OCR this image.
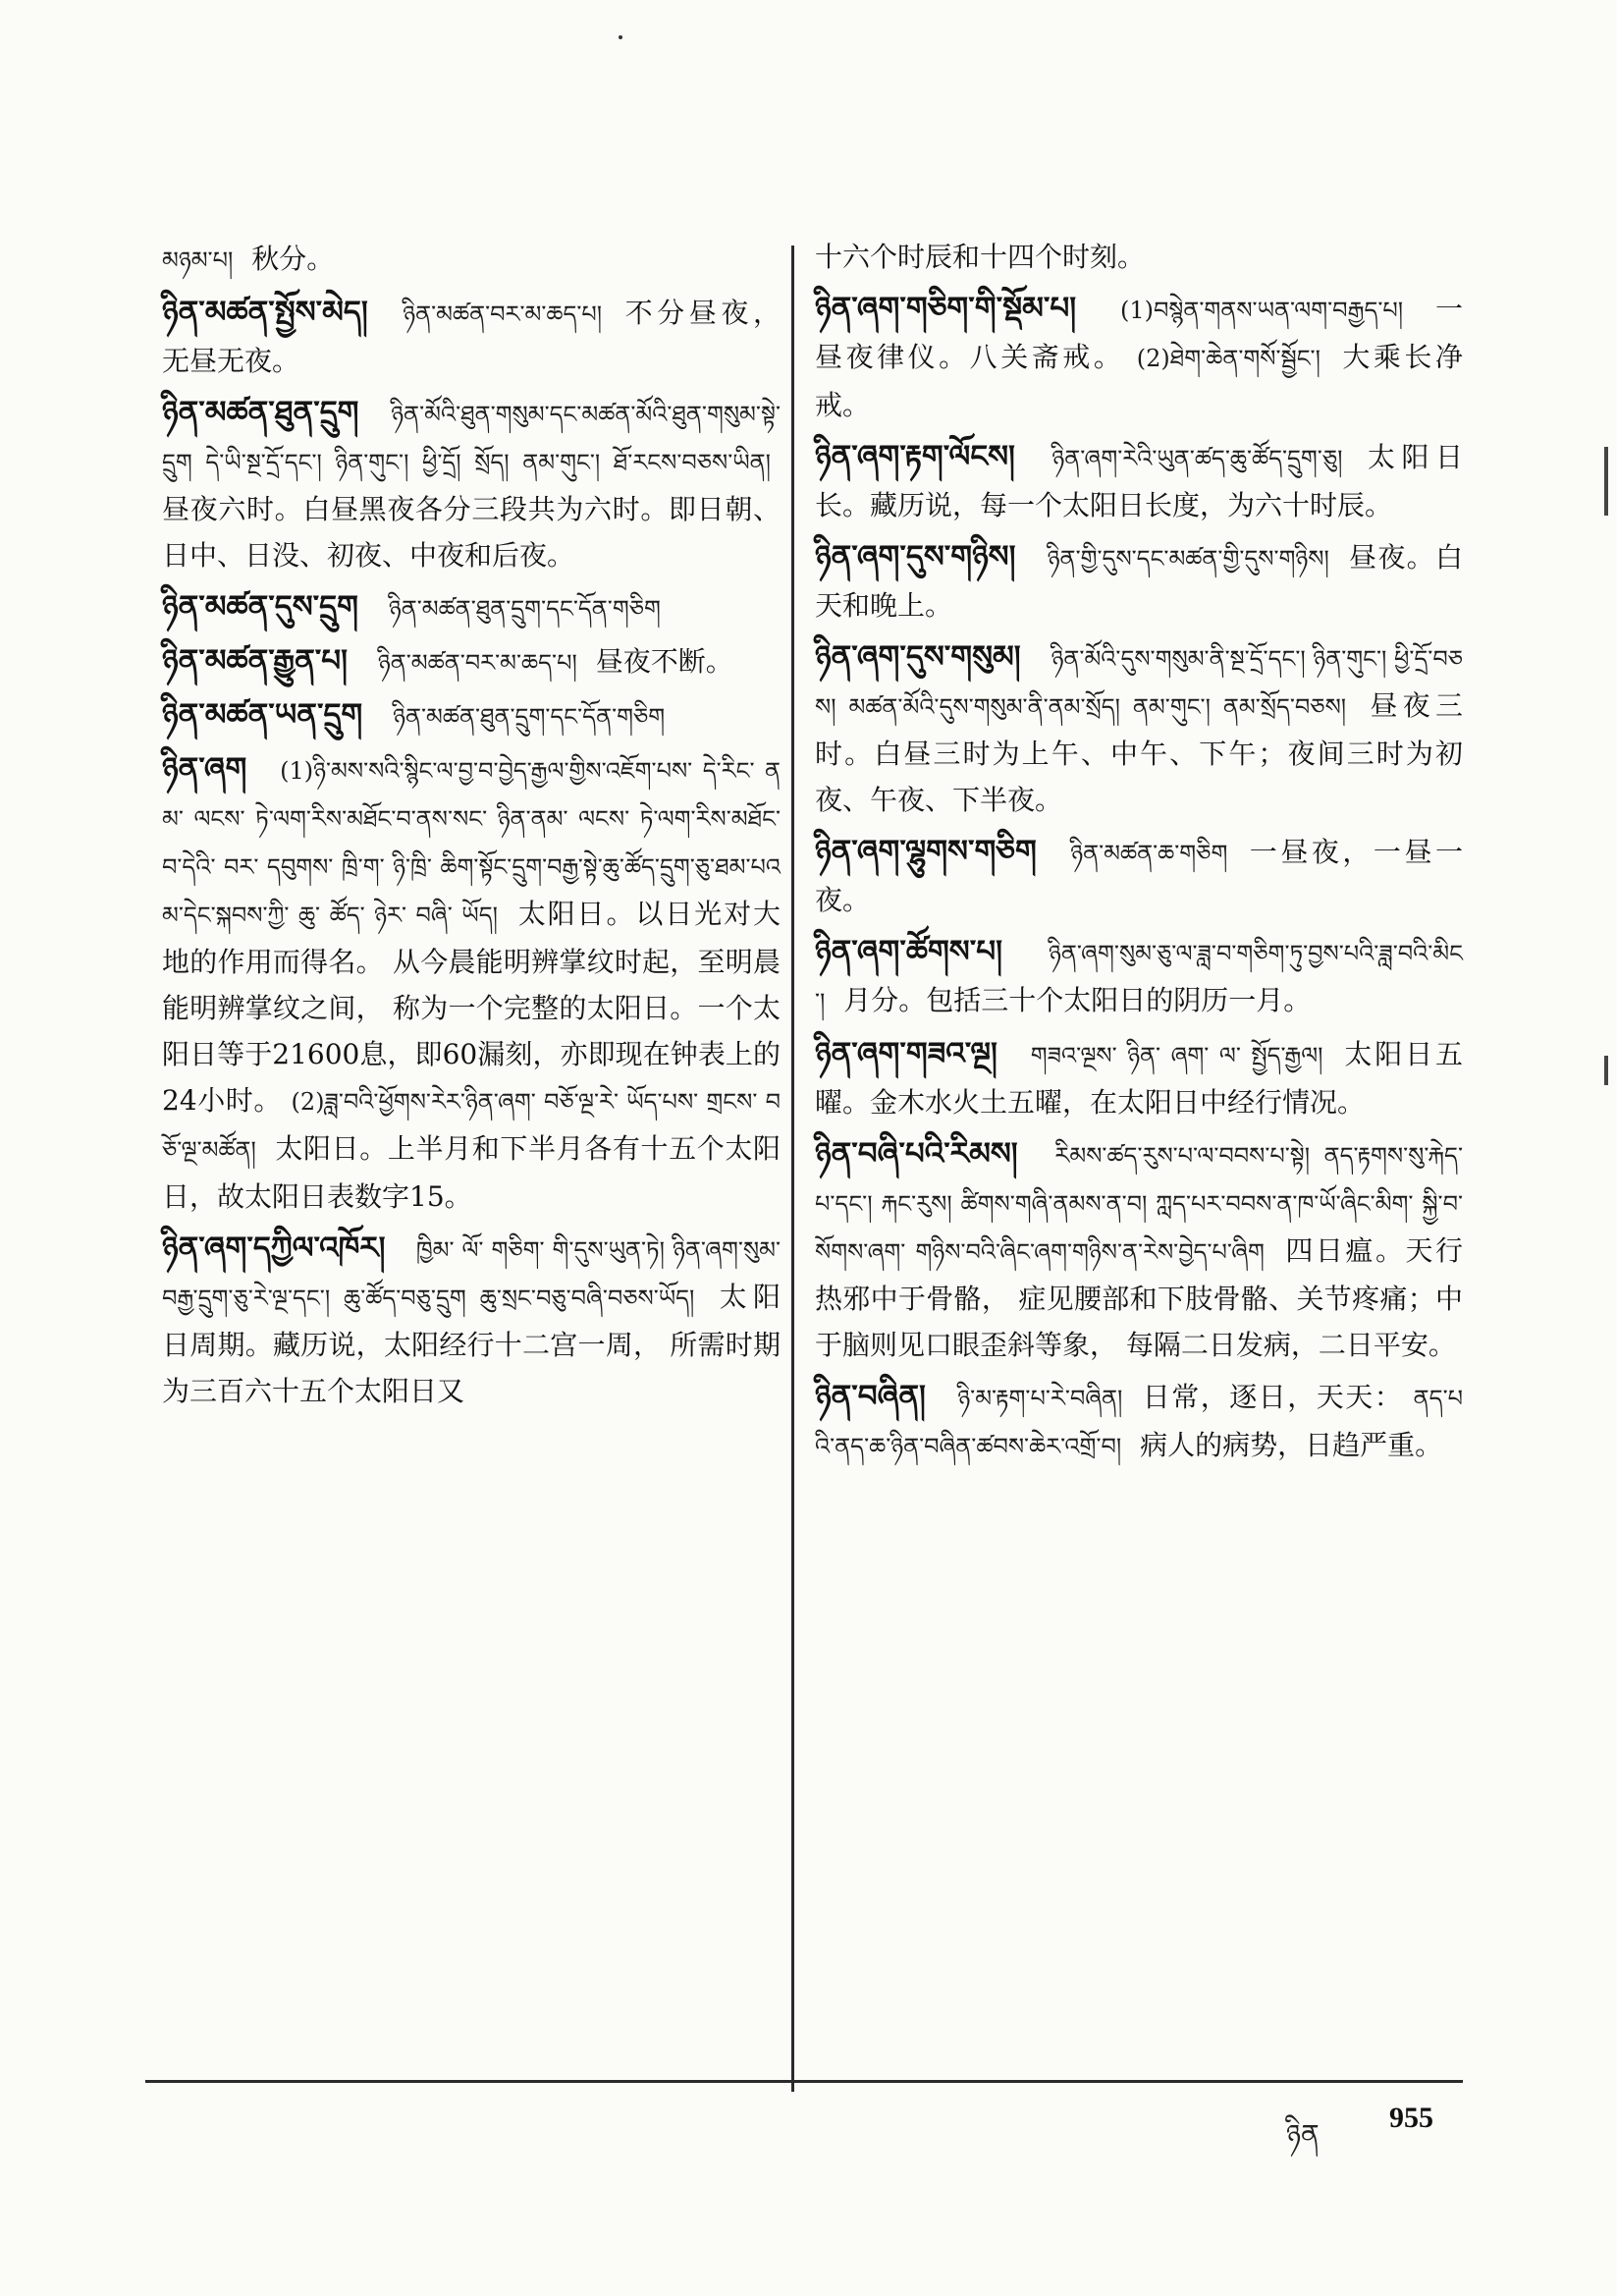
མཉམ་པ། 秋分。
ཉིན་མཚན་སྤྱོས་མེད། ཉིན་མཚན་བར་མ་ཆད་པ། 不分昼夜，无昼无夜。
ཉིན་མཚན་ཐུན་དྲུག ཉིན་མོའི་ཐུན་གསུམ་དང་མཚན་མོའི་ཐུན་གསུམ་སྟེ་དྲུག དེ་ཡི་སྔ་དྲོ་དང་། ཉིན་གུང་། ཕྱི་དྲོ། སྲོད། ནམ་གུང་། ཐོ་རངས་བཅས་ཡིན། 昼夜六时。白昼黑夜各分三段共为六时。即日朝、日中、日没、初夜、中夜和后夜。
ཉིན་མཚན་དུས་དྲུག ཉིན་མཚན་ཐུན་དྲུག་དང་དོན་གཅིག
ཉིན་མཚན་རྒྱུན་པ། ཉིན་མཚན་བར་མ་ཆད་པ། 昼夜不断。
ཉིན་མཚན་ཡན་དྲུག ཉིན་མཚན་ཐུན་དྲུག་དང་དོན་གཅིག
ཉིན་ཞག (1)ཉི་མས་སའི་སྙིང་ལ་བྱ་བ་བྱེད་རྒྱལ་གྱིས་འཇོག་པས་ དེ་རིང་ ནམ་ ལངས་ ཏེ་ལག་རིས་མཐོང་བ་ནས་སང་ ཉིན་ནམ་ ལངས་ ཏེ་ལག་རིས་མཐོང་ བ་དེའི་ བར་ དབུགས་ ཁྲི་ག་ ཉི་ཁྲི་ ཆིག་སྟོང་དྲུག་བརྒྱ་སྟེ་ཆུ་ཚོད་དྲུག་ཅུ་ཐམ་པའམ་དེང་སྐབས་ཀྱི་ ཆུ་ ཚོད་ ཉེར་ བཞི་ ཡོད། 太阳日。以日光对大地的作用而得名。 从今晨能明辨掌纹时起，至明晨能明辨掌纹之间， 称为一个完整的太阳日。一个太阳日等于21600息，即60漏刻，亦即现在钟表上的24小时。 (2)ཟླ་བའི་ཕྱོགས་རེར་ཉིན་ཞག་ བཅོ་ལྔ་རེ་ ཡོད་པས་ གྲངས་ བཅོ་ལྔ་མཚོན། 太阳日。上半月和下半月各有十五个太阳日，故太阳日表数字15。
ཉིན་ཞག་དཀྱིལ་འཁོར། ཁྱིམ་ ལོ་ གཅིག་ གི་དུས་ཡུན་ཏེ། ཉིན་ཞག་སུམ་བརྒྱ་དྲུག་ཅུ་རེ་ལྔ་དང་། ཆུ་ཚོད་བཅུ་དྲུག ཆུ་སྲང་བཅུ་བཞི་བཅས་ཡོད། 太阳日周期。藏历说，太阳经行十二宫一周， 所需时期为三百六十五个太阳日又
十六个时辰和十四个时刻。
ཉིན་ཞག་གཅིག་གི་སྡོམ་པ། (1)བསྙེན་གནས་ཡན་ལག་བརྒྱད་པ། 一昼夜律仪。八关斋戒。 (2)ཐེག་ཆེན་གསོ་སྦྱོང་། 大乘长净戒。
ཉིན་ཞག་རྟག་ལོངས། ཉིན་ཞག་རེའི་ཡུན་ཚད་ཆུ་ཚོད་དྲུག་ཅུ། 太阳日长。藏历说，每一个太阳日长度，为六十时辰。
ཉིན་ཞག་དུས་གཉིས། ཉིན་གྱི་དུས་དང་མཚན་གྱི་དུས་གཉིས། 昼夜。白天和晚上。
ཉིན་ཞག་དུས་གསུམ། ཉིན་མོའི་དུས་གསུམ་ནི་སྔ་དྲོ་དང་། ཉིན་གུང་། ཕྱི་དྲོ་བཅས། མཚན་མོའི་དུས་གསུམ་ནི་ནམ་སྲོད། ནམ་གུང་། ནམ་སྲོད་བཅས། 昼夜三时。白昼三时为上午、中午、下午；夜间三时为初夜、午夜、下半夜。
ཉིན་ཞག་ལྷུགས་གཅིག ཉིན་མཚན་ཆ་གཅིག 一昼夜，一昼一夜。
ཉིན་ཞག་ཚོགས་པ། ཉིན་ཞག་སུམ་ཅུ་ལ་ཟླ་བ་གཅིག་ཏུ་བྱས་པའི་ཟླ་བའི་མིང་། 月分。包括三十个太阳日的阴历一月。
ཉིན་ཞག་གཟའ་ལྔ། གཟའ་ལྔས་ ཉིན་ ཞག་ ལ་ སྤྱོད་རྒྱལ། 太阳日五曜。金木水火土五曜，在太阳日中经行情况。
ཉིན་བཞི་པའི་རིམས། རིམས་ཚད་རུས་པ་ལ་བབས་པ་སྟེ། ནད་རྟགས་སུ་རྐེད་པ་དང་། རྐང་རུས། ཚིགས་གཞི་ནམས་ན་བ། ཀླད་པར་བབས་ན་ཁ་ཡོ་ཞིང་མིག་ སྐྱི་བ་ སོགས་ཞག་ གཉིས་བའི་ཞིང་ཞག་གཉིས་ན་རེས་བྱེད་པ་ཞིག 四日瘟。天行热邪中于骨骼， 症见腰部和下肢骨骼、关节疼痛；中于脑则见口眼歪斜等象， 每隔二日发病，二日平安。
ཉིན་བཞིན། ཉི་མ་རྟག་པ་རེ་བཞིན། 日常，逐日，天天： ནད་པའི་ནད་ཆ་ཉིན་བཞིན་ཚབས་ཆེར་འགྲོ་བ། 病人的病势，日趋严重。
ཉིན
955
